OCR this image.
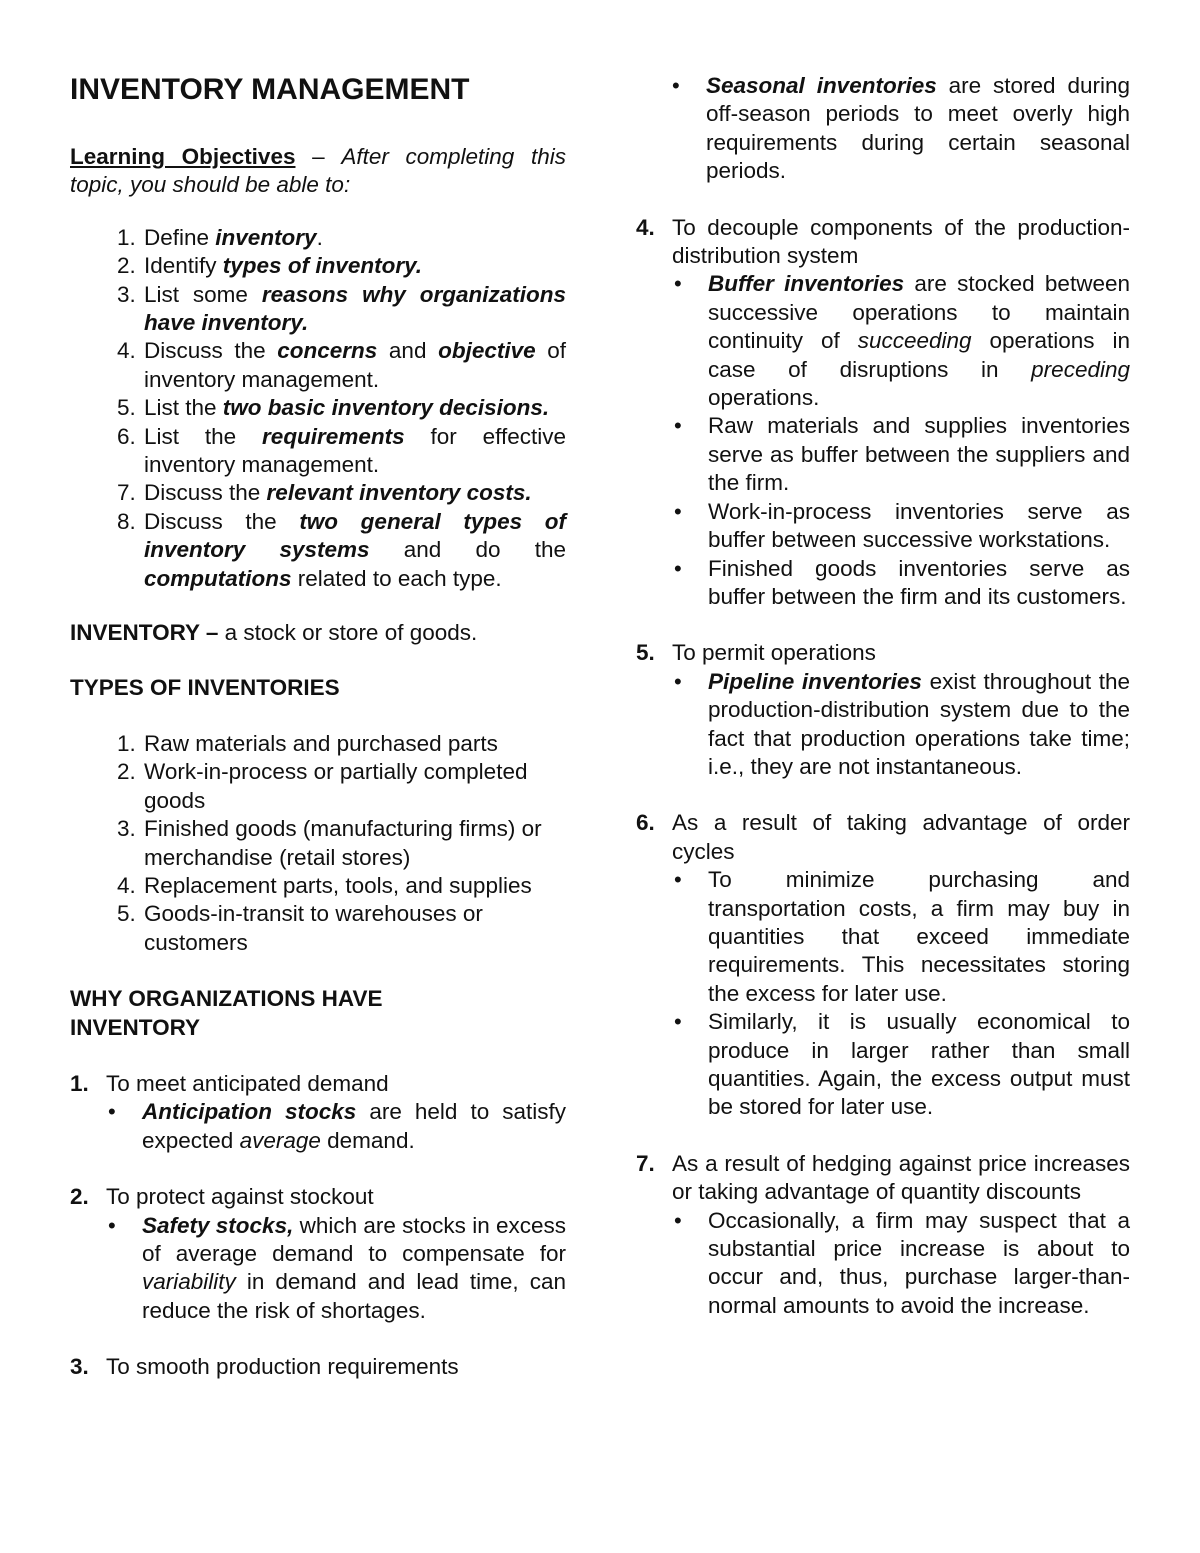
INVENTORY MANAGEMENT
Learning Objectives – After completing this topic, you should be able to:
1. Define inventory.
2. Identify types of inventory.
3. List some reasons why organizations have inventory.
4. Discuss the concerns and objective of inventory management.
5. List the two basic inventory decisions.
6. List the requirements for effective inventory management.
7. Discuss the relevant inventory costs.
8. Discuss the two general types of inventory systems and do the computations related to each type.
INVENTORY – a stock or store of goods.
TYPES OF INVENTORIES
1. Raw materials and purchased parts
2. Work-in-process or partially completed goods
3. Finished goods (manufacturing firms) or merchandise (retail stores)
4. Replacement parts, tools, and supplies
5. Goods-in-transit to warehouses or customers
WHY ORGANIZATIONS HAVE
INVENTORY
1. To meet anticipated demand
• Anticipation stocks are held to satisfy expected average demand.
2. To protect against stockout
• Safety stocks, which are stocks in excess of average demand to compensate for variability in demand and lead time, can reduce the risk of shortages.
3. To smooth production requirements
• Seasonal inventories are stored during off-season periods to meet overly high requirements during certain seasonal periods.
4. To decouple components of the production-distribution system
• Buffer inventories are stocked between successive operations to maintain continuity of succeeding operations in case of disruptions in preceding operations.
• Raw materials and supplies inventories serve as buffer between the suppliers and the firm.
• Work-in-process inventories serve as buffer between successive workstations.
• Finished goods inventories serve as buffer between the firm and its customers.
5. To permit operations
• Pipeline inventories exist throughout the production-distribution system due to the fact that production operations take time; i.e., they are not instantaneous.
6. As a result of taking advantage of order cycles
• To minimize purchasing and transportation costs, a firm may buy in quantities that exceed immediate requirements. This necessitates storing the excess for later use.
• Similarly, it is usually economical to produce in larger rather than small quantities. Again, the excess output must be stored for later use.
7. As a result of hedging against price increases or taking advantage of quantity discounts
• Occasionally, a firm may suspect that a substantial price increase is about to occur and, thus, purchase larger-than-normal amounts to avoid the increase.
